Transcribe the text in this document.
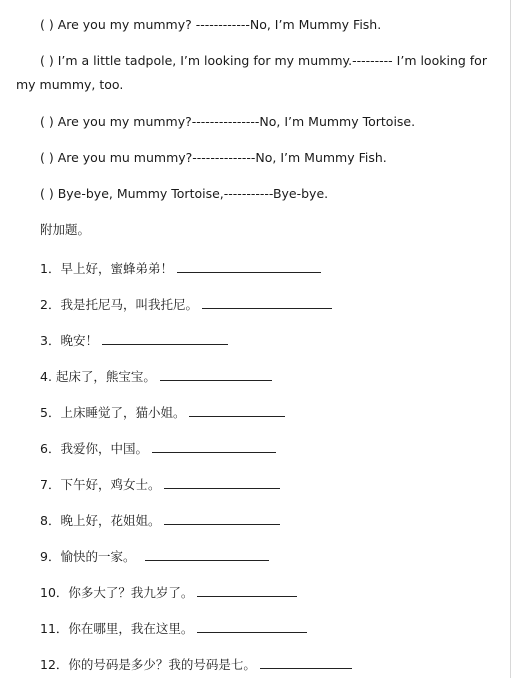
( ) Are you my mummy? ------------No, I’m Mummy Fish.
( ) I’m a little tadpole, I’m looking for my mummy.--------- I’m looking for my mummy, too.
( ) Are you my mummy?---------------No, I’m Mummy Tortoise.
( ) Are you mu mummy?--------------No, I’m Mummy Fish.
( ) Bye-bye, Mummy Tortoise,-----------Bye-bye.
附加题。
1．早上好，蜜蜂弟弟！
2．我是托尼马，叫我托尼。
3．晚安！
4. 起床了，熊宝宝。
5．上床睡觉了，猫小姐。
6．我爱你，中国。
7．下午好，鸡女士。
8．晚上好，花姐姐。
9．愉快的一家。
10．你多大了？我九岁了。
11．你在哪里，我在这里。
12．你的号码是多少？我的号码是七。
